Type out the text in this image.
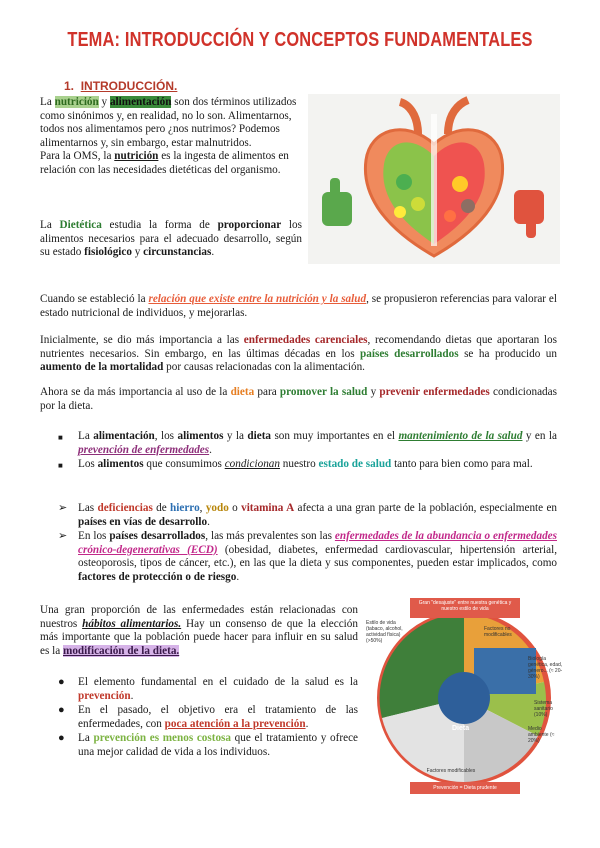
TEMA: INTRODUCCIÓN Y CONCEPTOS FUNDAMENTALES
1. INTRODUCCIÓN.

La nutrición y alimentación son dos términos utilizados como sinónimos y, en realidad, no lo son. Alimentarnos, todos nos alimentamos pero ¿nos nutrimos? Podemos alimentarnos y, sin embargo, estar malnutridos.
Para la OMS, la nutrición es la ingesta de alimentos en relación con las necesidades dietéticas del organismo.

La Dietética estudia la forma de proporcionar los alimentos necesarios para el adecuado desarrollo, según su estado fisiológico y circunstancias.

Cuando se estableció la relación que existe entre la nutrición y la salud, se propusieron referencias para valorar el estado nutricional de individuos, y mejorarlas.

Inicialmente, se dio más importancia a las enfermedades carenciales, recomendando dietas que aportaran los nutrientes necesarios. Sin embargo, en las últimas décadas en los países desarrollados se ha producido un aumento de la mortalidad por causas relacionadas con la alimentación.

Ahora se da más importancia al uso de la dieta para promover la salud y prevenir enfermedades condicionadas por la dieta.

■ La alimentación, los alimentos y la dieta son muy importantes en el mantenimiento de la salud y en la prevención de enfermedades.
■ Los alimentos que consumimos condicionan nuestro estado de salud tanto para bien como para mal.
➢ Las deficiencias de hierro, yodo o vitamina A afecta a una gran parte de la población, especialmente en países en vías de desarrollo.
➢ En los países desarrollados, las más prevalentes son las enfermedades de la abundancia o enfermedades crónico-degenerativas (ECD) (obesidad, diabetes, enfermedad cardiovascular, hipertensión arterial, osteoporosis, tipos de cáncer, etc.), en las que la dieta y sus componentes, pueden estar implicados, como factores de protección o de riesgo.

Una gran proporción de las enfermedades están relacionadas con nuestros hábitos alimentarios. Hay un consenso de que la elección más importante que la población puede hacer para influir en su salud es la modificación de la dieta.

● El elemento fundamental en el cuidado de la salud es la prevención.
● En el pasado, el objetivo era el tratamiento de las enfermedades, con poca atención a la prevención.
● La prevención es menos costosa que el tratamiento y ofrece una mejor calidad de vida a los individuos.
Gran "desajuste" entre nuestra genética y nuestro estilo de vida
Estilo de vida (tabaco, alcohol, actividad física) (>50%)
Factores no modificables
Biología genética, edad, género... (≈ 20-30%)
Sistema sanitario (10%)
Medio ambiente (≈ 20%)
Dieta
Factores modificables
Prevención = Dieta prudente
